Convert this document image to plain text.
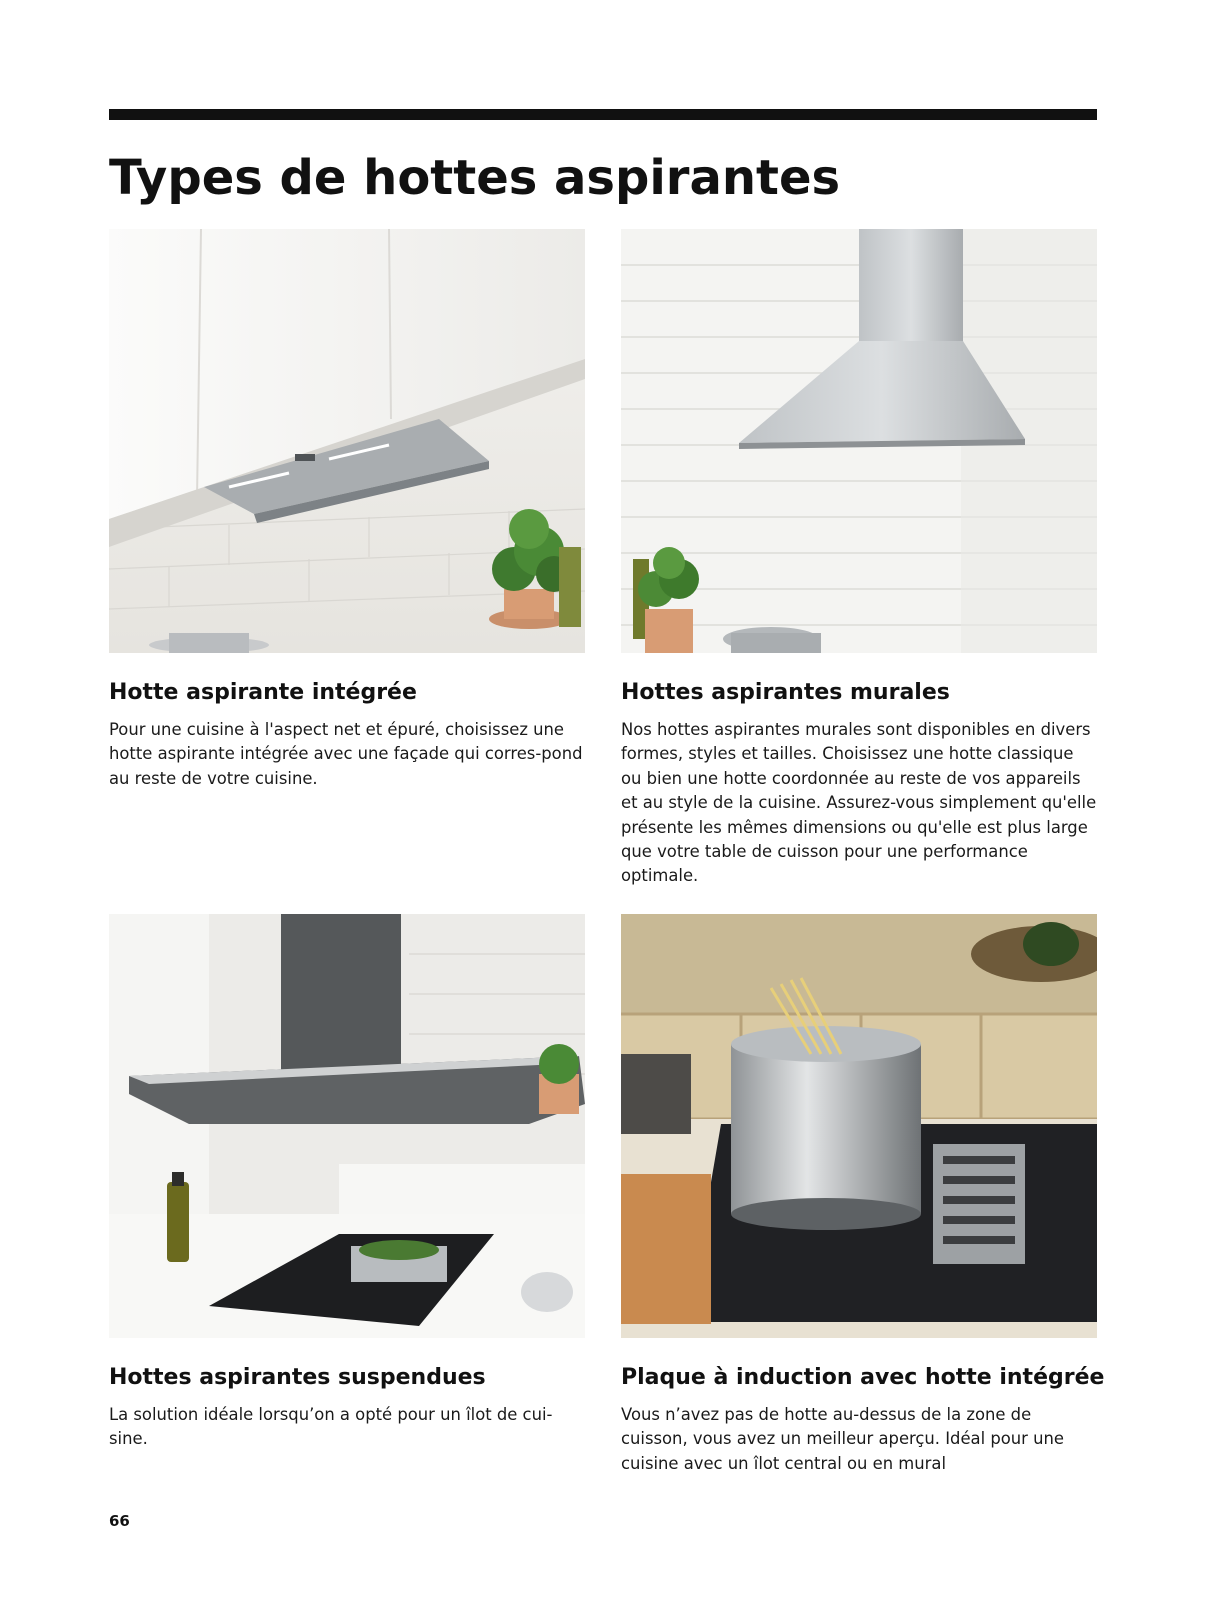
Types de hottes aspirantes
Hotte aspirante intégrée

Pour une cuisine à l'aspect net et épuré, choisissez une hotte aspirante intégrée avec une façade qui corres-pond au reste de votre cuisine.

Hottes aspirantes murales

Nos hottes aspirantes murales sont disponibles en divers formes, styles et tailles. Choisissez une hotte classique ou bien une hotte coordonnée au reste de vos appareils et au style de la cuisine. Assurez-vous simplement qu'elle présente les mêmes dimensions ou qu'elle est plus large que votre table de cuisson pour une performance optimale.

Hottes aspirantes suspendues

La solution idéale lorsqu’on a opté pour un îlot de cui-sine.

Plaque à induction avec hotte intégrée

Vous n’avez pas de hotte au-dessus de la zone de cuisson, vous avez un meilleur aperçu. Idéal pour une cuisine avec un îlot central ou en mural

66
